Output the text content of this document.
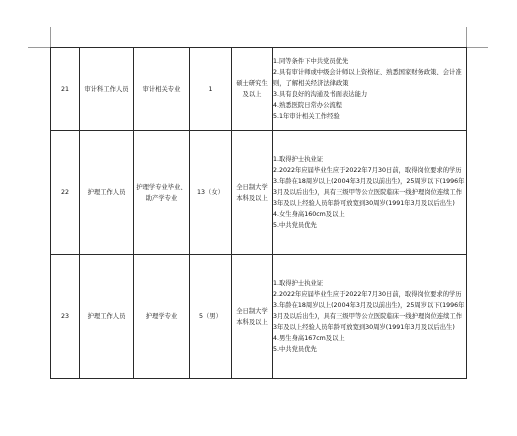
21	审计科工作人员	审计相关专业	1	硕士研究生及以上	1.同等条件下中共党员优先
2.具有审计师或中级会计师以上资格证、熟悉国家财务政策、会计准则，了解相关经济法律政策
3.具有良好的沟通及书面表达能力
4.熟悉医院日常办公流程
5.1年审计相关工作经验

22	护理工作人员	护理学专业毕业、助产学专业	13（女）	全日制大学本科及以上	1.取得护士执业证
2.2022年应届毕业生应于2022年7月30日前，取得岗位要求的学历
3.年龄在18周岁以上(2004年3月及以前出生)，25周岁以下(1996年3月及以后出生)，具有三级甲等公立医院临床一线护理岗位连续工作3年及以上经验人员年龄可放宽到30周岁(1991年3月及以后出生)
4.女生身高160cm及以上
5.中共党员优先

23	护理工作人员	护理学专业	5（男）	全日制大学本科及以上	1.取得护士执业证
2.2022年应届毕业生应于2022年7月30日前，取得岗位要求的学历
3.年龄在18周岁以上(2004年3月及以前出生)，25周岁以下(1996年3月及以后出生)，具有三级甲等公立医院临床一线护理岗位连续工作3年及以上经验人员年龄可放宽到30周岁(1991年3月及以后出生)
4.男生身高167cm及以上
5.中共党员优先
